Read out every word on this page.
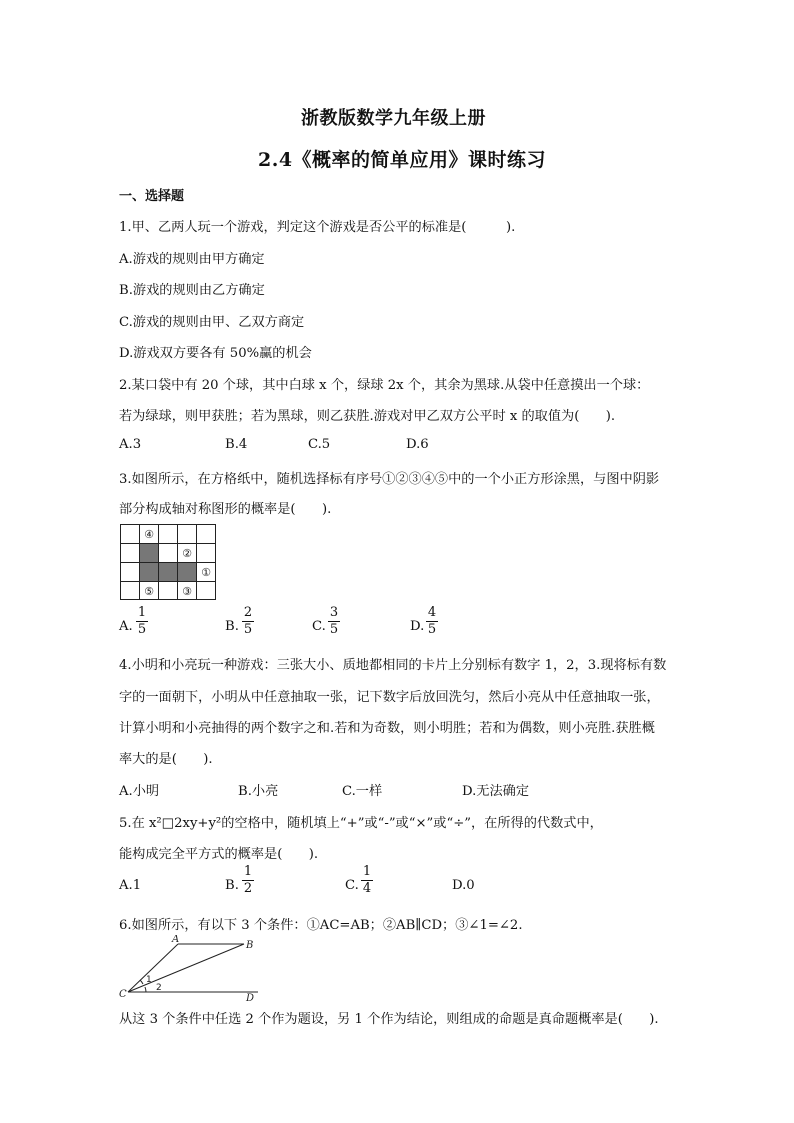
浙教版数学九年级上册
2.4《概率的简单应用》课时练习
一、选择题
1.甲、乙两人玩一个游戏，判定这个游戏是否公平的标准是(　　　).
A.游戏的规则由甲方确定
B.游戏的规则由乙方确定
C.游戏的规则由甲、乙双方商定
D.游戏双方要各有 50%赢的机会
2.某口袋中有 20 个球，其中白球 x 个，绿球 2x 个，其余为黑球.从袋中任意摸出一个球：
若为绿球，则甲获胜；若为黑球，则乙获胜.游戏对甲乙双方公平时 x 的取值为(　　).
A.3	B.4	C.5	D.6
3.如图所示，在方格纸中，随机选择标有序号①②③④⑤中的一个小正方形涂黑，与图中阴影
部分构成轴对称图形的概率是(　　).
④
②
①
⑤	③
A. $\frac{1}{5}$	B. $\frac{2}{5}$	C. $\frac{3}{5}$	D. $\frac{4}{5}$
4.小明和小亮玩一种游戏：三张大小、质地都相同的卡片上分别标有数字 1，2，3.现将标有数
字的一面朝下，小明从中任意抽取一张，记下数字后放回洗匀，然后小亮从中任意抽取一张，
计算小明和小亮抽得的两个数字之和.若和为奇数，则小明胜；若和为偶数，则小亮胜.获胜概
率大的是(　　).
A.小明	B.小亮	C.一样	D.无法确定
5.在 x²□2xy+y²的空格中，随机填上“+”或“-”或“×”或“÷”，在所得的代数式中，
能构成完全平方式的概率是(　　).
A.1	B. $\frac{1}{2}$	C. $\frac{1}{4}$	D.0
6.如图所示，有以下 3 个条件：①AC=AB；②AB∥CD；③∠1=∠2.
A
B
C	D
1
2
从这 3 个条件中任选 2 个作为题设，另 1 个作为结论，则组成的命题是真命题概率是(　　).
